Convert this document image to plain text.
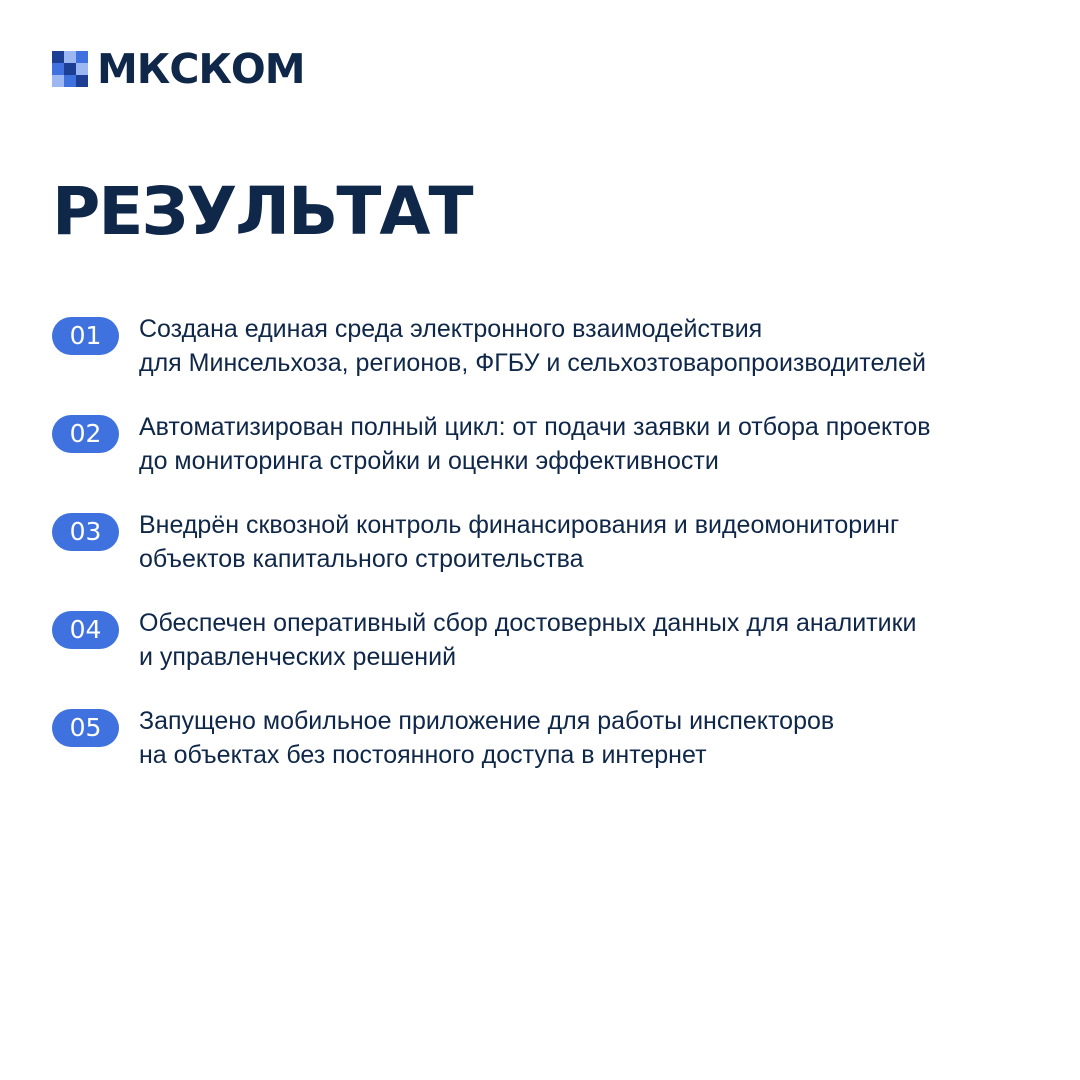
МКСКОМ
РЕЗУЛЬТАТ
01	Создана единая среда электронного взаимодействия
для Минсельхоза, регионов, ФГБУ и сельхозтоваропроизводителей
02	Автоматизирован полный цикл: от подачи заявки и отбора проектов
до мониторинга стройки и оценки эффективности
03	Внедрён сквозной контроль финансирования и видеомониторинг
объектов капитального строительства
04	Обеспечен оперативный сбор достоверных данных для аналитики
и управленческих решений
05	Запущено мобильное приложение для работы инспекторов
на объектах без постоянного доступа в интернет
